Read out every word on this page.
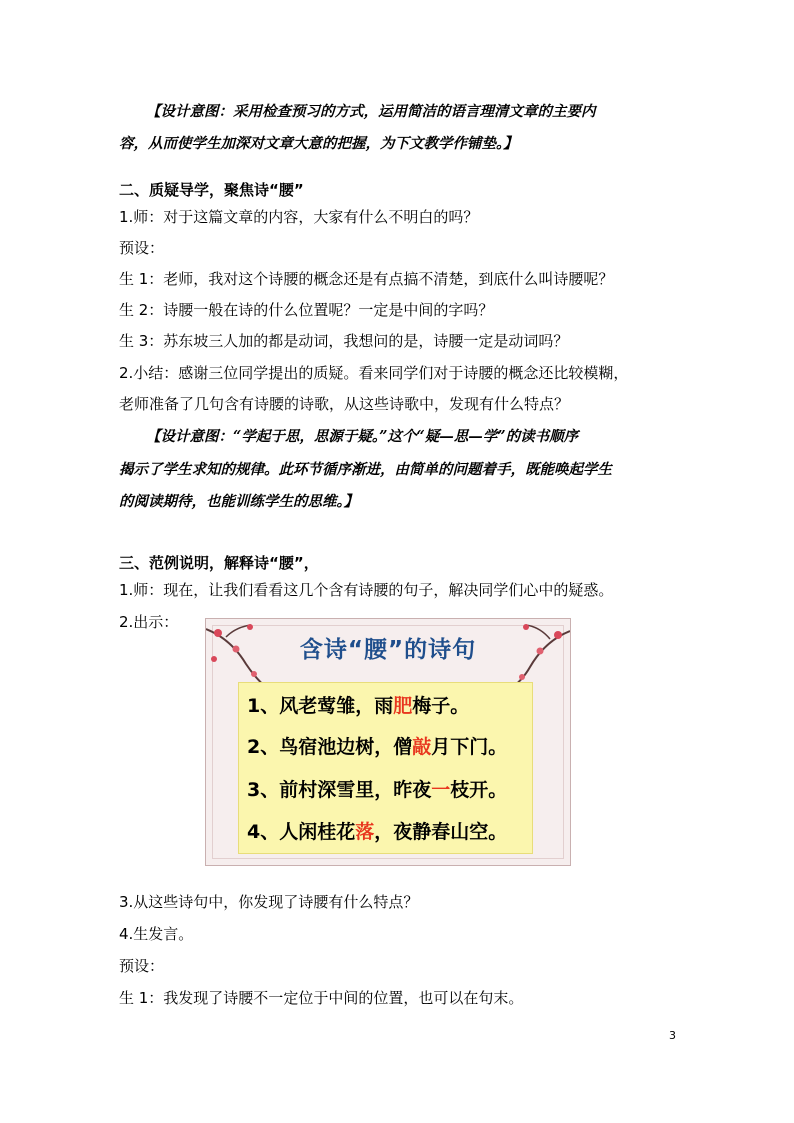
【设计意图：采用检查预习的方式，运用简洁的语言理清文章的主要内
容，从而使学生加深对文章大意的把握，为下文教学作铺垫。】
二、质疑导学，聚焦诗“腰”
1.师：对于这篇文章的内容，大家有什么不明白的吗？
预设：
生 1：老师，我对这个诗腰的概念还是有点搞不清楚，到底什么叫诗腰呢？
生 2：诗腰一般在诗的什么位置呢？一定是中间的字吗？
生 3：苏东坡三人加的都是动词，我想问的是，诗腰一定是动词吗？
2.小结：感谢三位同学提出的质疑。看来同学们对于诗腰的概念还比较模糊，
老师准备了几句含有诗腰的诗歌，从这些诗歌中，发现有什么特点？
【设计意图：“学起于思，思源于疑。”这个“疑—思—学”的读书顺序
揭示了学生求知的规律。此环节循序渐进，由简单的问题着手，既能唤起学生
的阅读期待，也能训练学生的思维。】
三、范例说明，解释诗“腰”，
1.师：现在，让我们看看这几个含有诗腰的句子，解决同学们心中的疑惑。
2.出示：
含诗“腰”的诗句
1、风老莺雏，雨肥梅子。
2、鸟宿池边树，僧敲月下门。
3、前村深雪里，昨夜一枝开。
4、人闲桂花落，夜静春山空。
3.从这些诗句中，你发现了诗腰有什么特点？
4.生发言。
预设：
生 1：我发现了诗腰不一定位于中间的位置，也可以在句末。
3
